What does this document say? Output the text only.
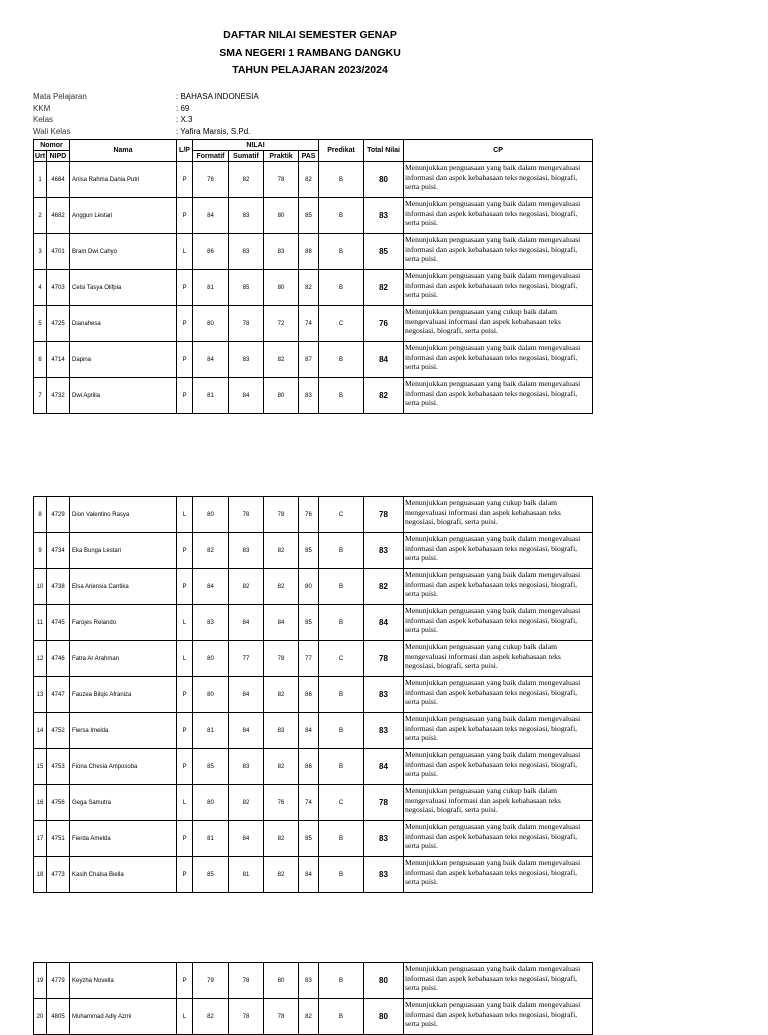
DAFTAR NILAI SEMESTER GENAP
SMA NEGERI 1 RAMBANG DANGKU
TAHUN PELAJARAN 2023/2024
Mata Pelajaran	: BAHASA INDONESIA
KKM	: 69
Kelas	: X.3
Wali Kelas	: Yafira Marsis, S.Pd.
Nomor		Nama	L/P	NILAI				Predikat	Total Nilai	CP
Urt	NIPD			Formatif	Sumatif	Praktik	PAS			
1	4684	Anisa Rahma Dania Putri	P	78	82	78	82	B	80	Menunjukkan penguasaan yang baik dalam mengevaluasi informasi dan aspek kebahasaan teks negosiasi, biografi, serta puisi.

2	4682	Anggun Lestari	P	84	83	80	85	B	83	Menunjukkan penguasaan yang baik dalam mengevaluasi informasi dan aspek kebahasaan teks negosiasi, biografi, serta puisi.

3	4701	Bram Dwi Cahyo	L	86	83	83	88	B	85	Menunjukkan penguasaan yang baik dalam mengevaluasi informasi dan aspek kebahasaan teks negosiasi, biografi, serta puisi.

4	4703	Celsi Tasya Olifpia	P	81	85	80	82	B	82	Menunjukkan penguasaan yang baik dalam mengevaluasi informasi dan aspek kebahasaan teks negosiasi, biografi, serta puisi.

5	4725	Dianahesa	P	80	78	72	74	C	76	Menunjukkan penguasaan yang cukup baik dalam mengevaluasi informasi dan aspek kebahasaan teks negosiasi, biografi, serta puisi.

6	4714	Dapina	P	84	83	82	87	B	84	Menunjukkan penguasaan yang baik dalam mengevaluasi informasi dan aspek kebahasaan teks negosiasi, biografi, serta puisi.

7	4732	Dwi Aprilia	P	81	84	80	83	B	82	Menunjukkan penguasaan yang baik dalam mengevaluasi informasi dan aspek kebahasaan teks negosiasi, biografi, serta puisi.
8	4729	Dion Valentino Rasya	L	80	78	78	76	C	78	Menunjukkan penguasaan yang cukup baik dalam mengevaluasi informasi dan aspek kebahasaan teks negosiasi, biografi, serta puisi.

9	4734	Eka Bunga Lestari	P	82	83	82	85	B	83	Menunjukkan penguasaan yang baik dalam mengevaluasi informasi dan aspek kebahasaan teks negosiasi, biografi, serta puisi.

10	4738	Elsa Ariensia Cantika	P	84	82	82	80	B	82	Menunjukkan penguasaan yang baik dalam mengevaluasi informasi dan aspek kebahasaan teks negosiasi, biografi, serta puisi.

11	4745	Farojes Relando	L	83	84	84	85	B	84	Menunjukkan penguasaan yang baik dalam mengevaluasi informasi dan aspek kebahasaan teks negosiasi, biografi, serta puisi.

12	4746	Fatra Ar Arahman	L	80	77	78	77	C	78	Menunjukkan penguasaan yang cukup baik dalam mengevaluasi informasi dan aspek kebahasaan teks negosiasi, biografi, serta puisi.

13	4747	Fauzea Bilqis Afraniza	P	80	84	82	86	B	83	Menunjukkan penguasaan yang baik dalam mengevaluasi informasi dan aspek kebahasaan teks negosiasi, biografi, serta puisi.

14	4752	Fiersa Imelda	P	81	84	83	84	B	83	Menunjukkan penguasaan yang baik dalam mengevaluasi informasi dan aspek kebahasaan teks negosiasi, biografi, serta puisi.

15	4753	Fiona Chesia Amposoba	P	85	83	82	86	B	84	Menunjukkan penguasaan yang baik dalam mengevaluasi informasi dan aspek kebahasaan teks negosiasi, biografi, serta puisi.

16	4756	Gega Samutra	L	80	82	76	74	C	78	Menunjukkan penguasaan yang cukup baik dalam mengevaluasi informasi dan aspek kebahasaan teks negosiasi, biografi, serta puisi.

17	4751	Fierda Amelda	P	81	84	82	85	B	83	Menunjukkan penguasaan yang baik dalam mengevaluasi informasi dan aspek kebahasaan teks negosiasi, biografi, serta puisi.

18	4773	Kasih Chalsa Biella	P	85	81	82	84	B	83	Menunjukkan penguasaan yang baik dalam mengevaluasi informasi dan aspek kebahasaan teks negosiasi, biografi, serta puisi.
19	4779	Keyzha Novella	P	79	78	80	83	B	80	Menunjukkan penguasaan yang baik dalam mengevaluasi informasi dan aspek kebahasaan teks negosiasi, biografi, serta puisi.

20	4805	Muhammad Adly Azmi	L	82	78	78	82	B	80	Menunjukkan penguasaan yang baik dalam mengevaluasi informasi dan aspek kebahasaan teks negosiasi, biografi, serta puisi.
